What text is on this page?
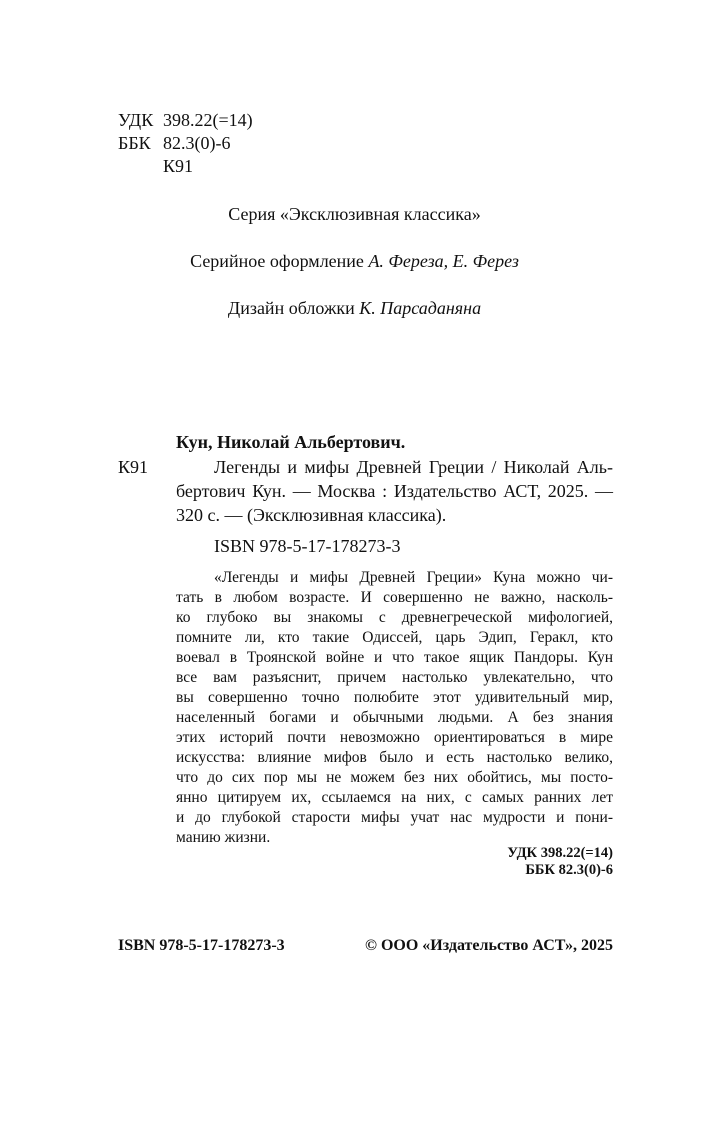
УДК 398.22(=14)
ББК 82.3(0)-6
К91
Серия «Эксклюзивная классика»
Серийное оформление А. Фереза, Е. Ферез
Дизайн обложки К. Парсаданяна
Кун, Николай Альбертович.
К91	Легенды и мифы Древней Греции / Николай Аль-
бертович Кун. — Москва : Издательство АСТ, 2025. —
320 с. — (Эксклюзивная классика).
ISBN 978-5-17-178273-3
«Легенды и мифы Древней Греции» Куна можно чи-
тать в любом возрасте. И совершенно не важно, насколь-
ко глубоко вы знакомы с древнегреческой мифологией,
помните ли, кто такие Одиссей, царь Эдип, Геракл, кто
воевал в Троянской войне и что такое ящик Пандоры. Кун
все вам разъяснит, причем настолько увлекательно, что
вы совершенно точно полюбите этот удивительный мир,
населенный богами и обычными людьми. А без знания
этих историй почти невозможно ориентироваться в мире
искусства: влияние мифов было и есть настолько велико,
что до сих пор мы не можем без них обойтись, мы посто-
янно цитируем их, ссылаемся на них, с самых ранних лет
и до глубокой старости мифы учат нас мудрости и пони-
манию жизни.
УДК 398.22(=14)
ББК 82.3(0)-6
ISBN 978-5-17-178273-3	© ООО «Издательство АСТ», 2025
